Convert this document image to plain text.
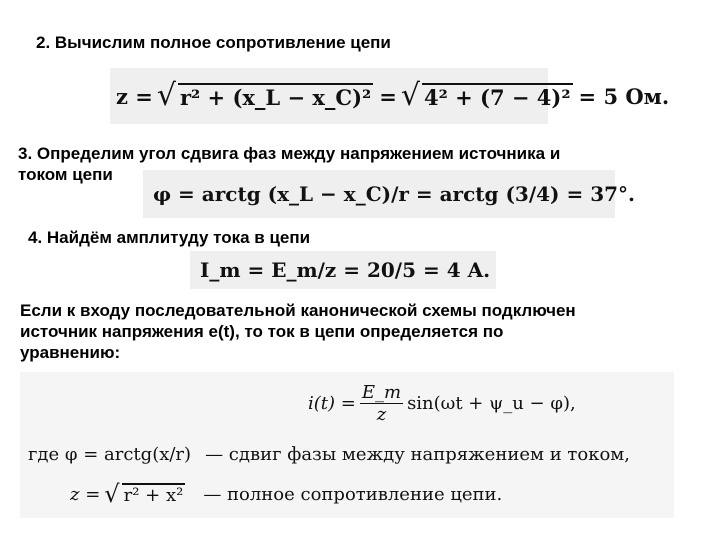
2. Вычислим полное сопротивление цепи
z = √ r² + (x_L − x_C)² = √ 4² + (7 − 4)² = 5 Ом.
3. Определим угол сдвига фаз между напряжением источника и
током цепи
φ = arctg (x_L − x_C)/r = arctg (3/4) = 37°.
4. Найдём амплитуду тока в цепи
I_m = E_m/z = 20/5 = 4 A.
Если к входу последовательной канонической схемы подключен
источник напряжения e(t), то ток в цепи определяется по
уравнению:
$i(t) = \frac{E\_m}{z} \sin(\omega t$ + ψ_u − φ),
где φ = arctg(x/r) — сдвиг фазы между напряжением и током,
z = √ r² + x² — полное сопротивление цепи.
